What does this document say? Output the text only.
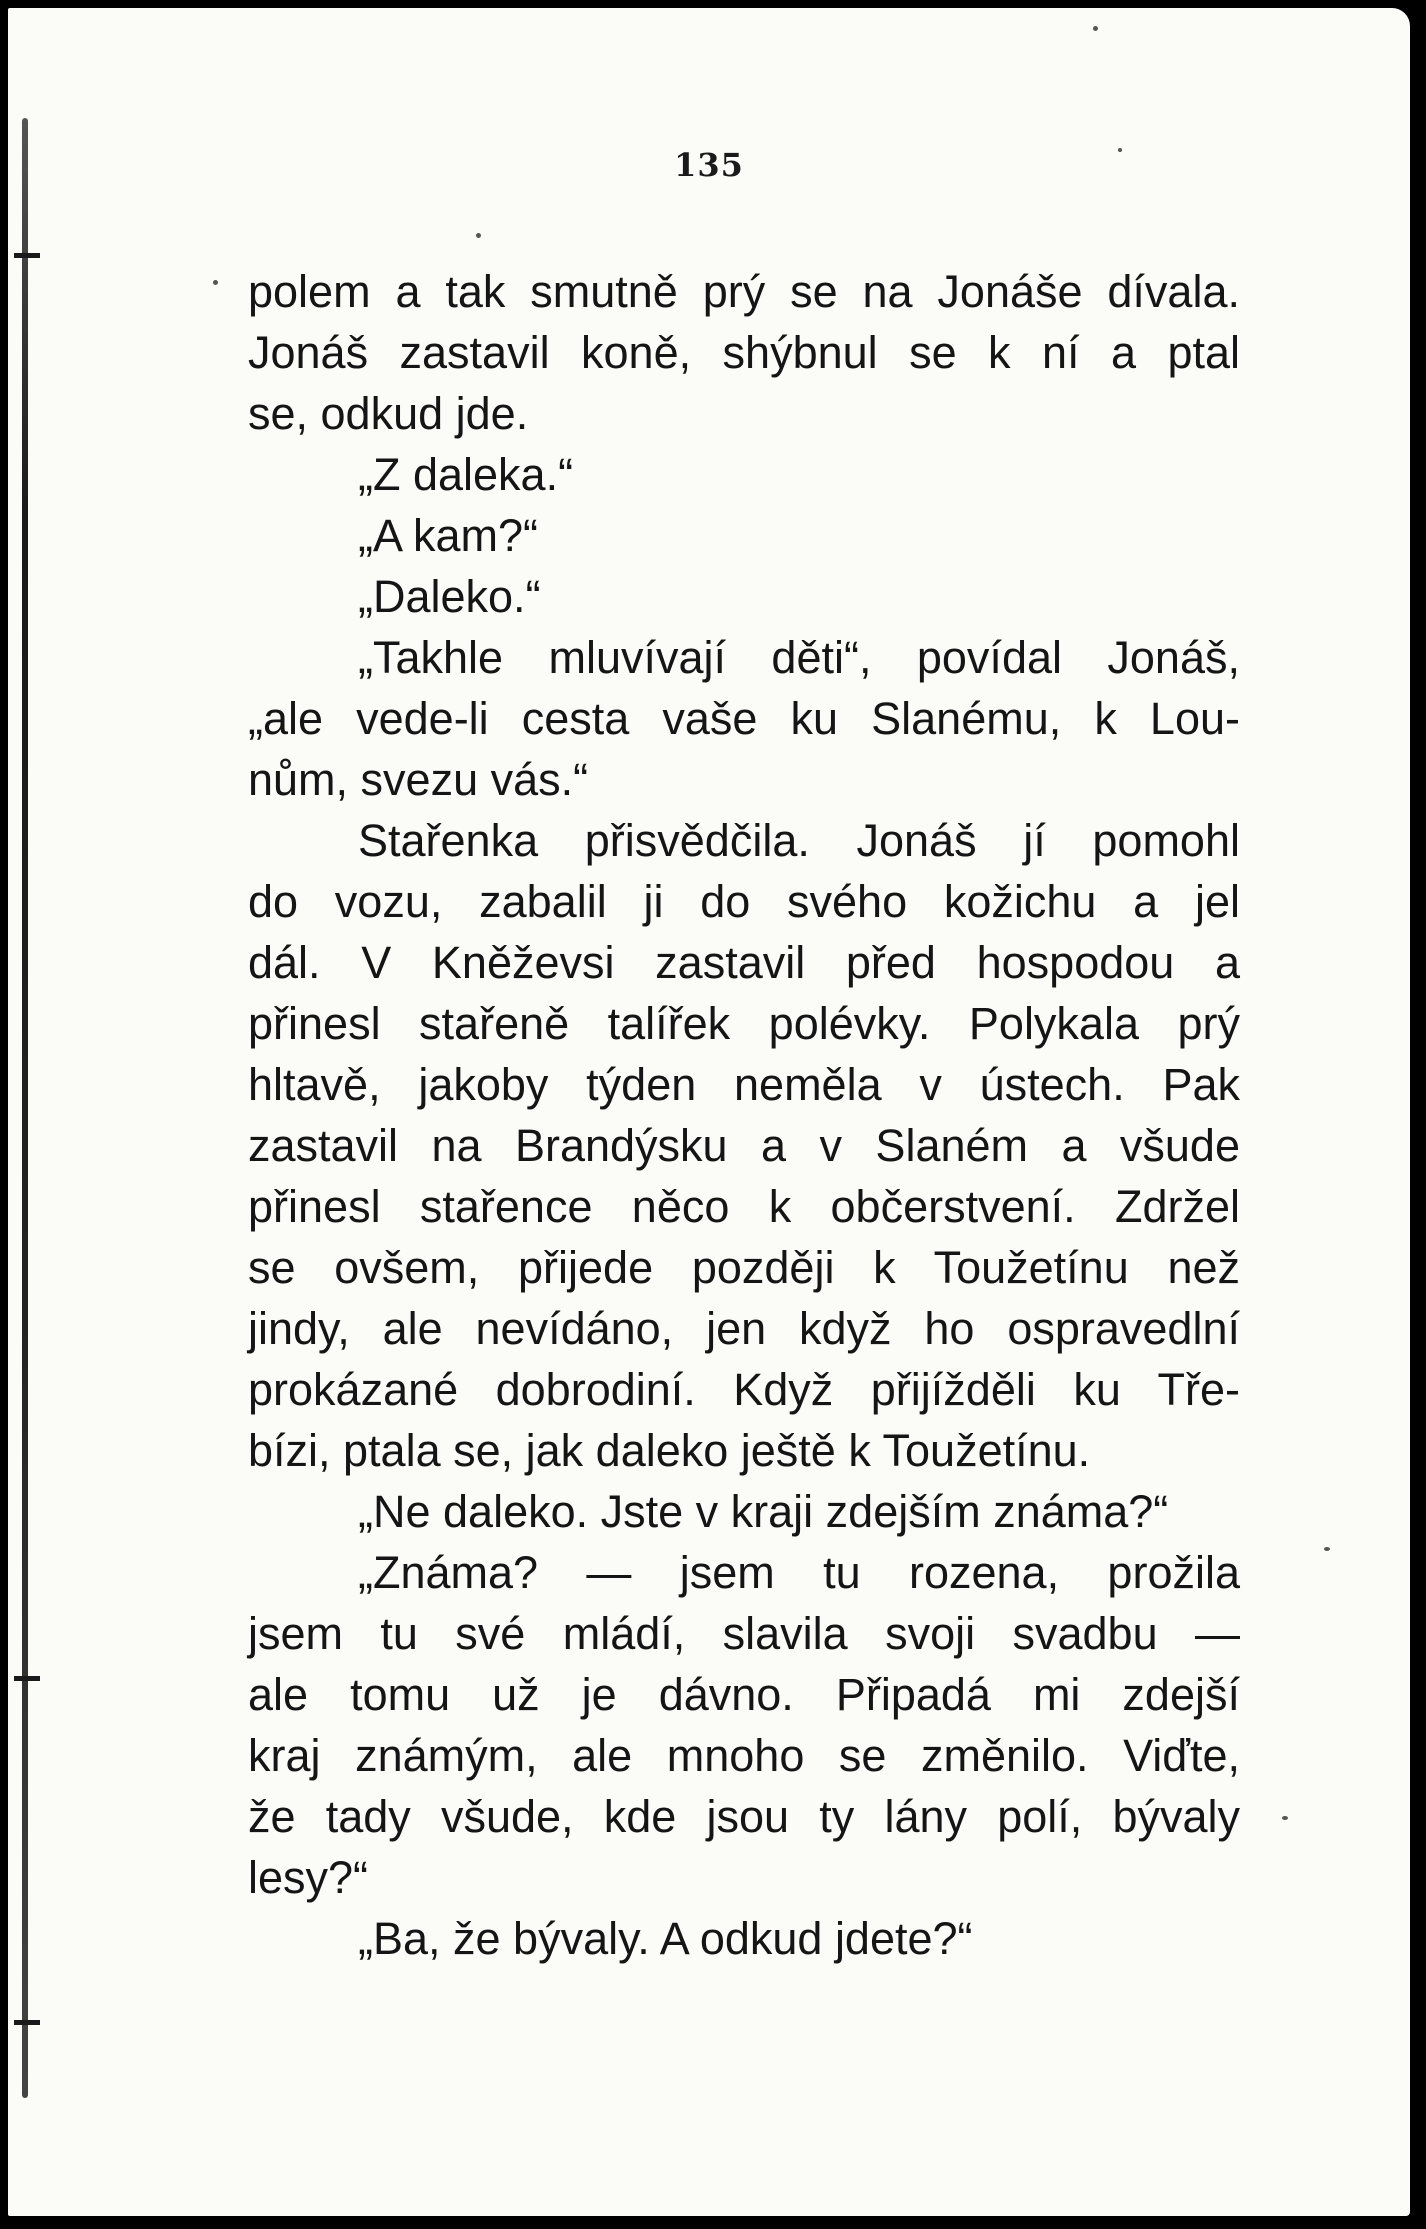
135
polem a tak smutně prý se na Jonáše dívala.
Jonáš zastavil koně, shýbnul se k ní a ptal
se, odkud jde.
„Z daleka.“
„A kam?“
„Daleko.“
„Takhle mluvívají děti“, povídal Jonáš,
„ale vede-li cesta vaše ku Slanému, k Lou-
nům, svezu vás.“
Stařenka přisvědčila. Jonáš jí pomohl
do vozu, zabalil ji do svého kožichu a jel
dál. V Kněževsi zastavil před hospodou a
přinesl stařeně talířek polévky. Polykala prý
hltavě, jakoby týden neměla v ústech. Pak
zastavil na Brandýsku a v Slaném a všude
přinesl stařence něco k občerstvení. Zdržel
se ovšem, přijede později k Toužetínu než
jindy, ale nevídáno, jen když ho ospravedlní
prokázané dobrodiní. Když přijížděli ku Tře-
bízi, ptala se, jak daleko ještě k Toužetínu.
„Ne daleko. Jste v kraji zdejším známa?“
„Známa? — jsem tu rozena, prožila
jsem tu své mládí, slavila svoji svadbu —
ale tomu už je dávno. Připadá mi zdejší
kraj známým, ale mnoho se změnilo. Viďte,
že tady všude, kde jsou ty lány polí, bývaly
lesy?“
„Ba, že bývaly. A odkud jdete?“
